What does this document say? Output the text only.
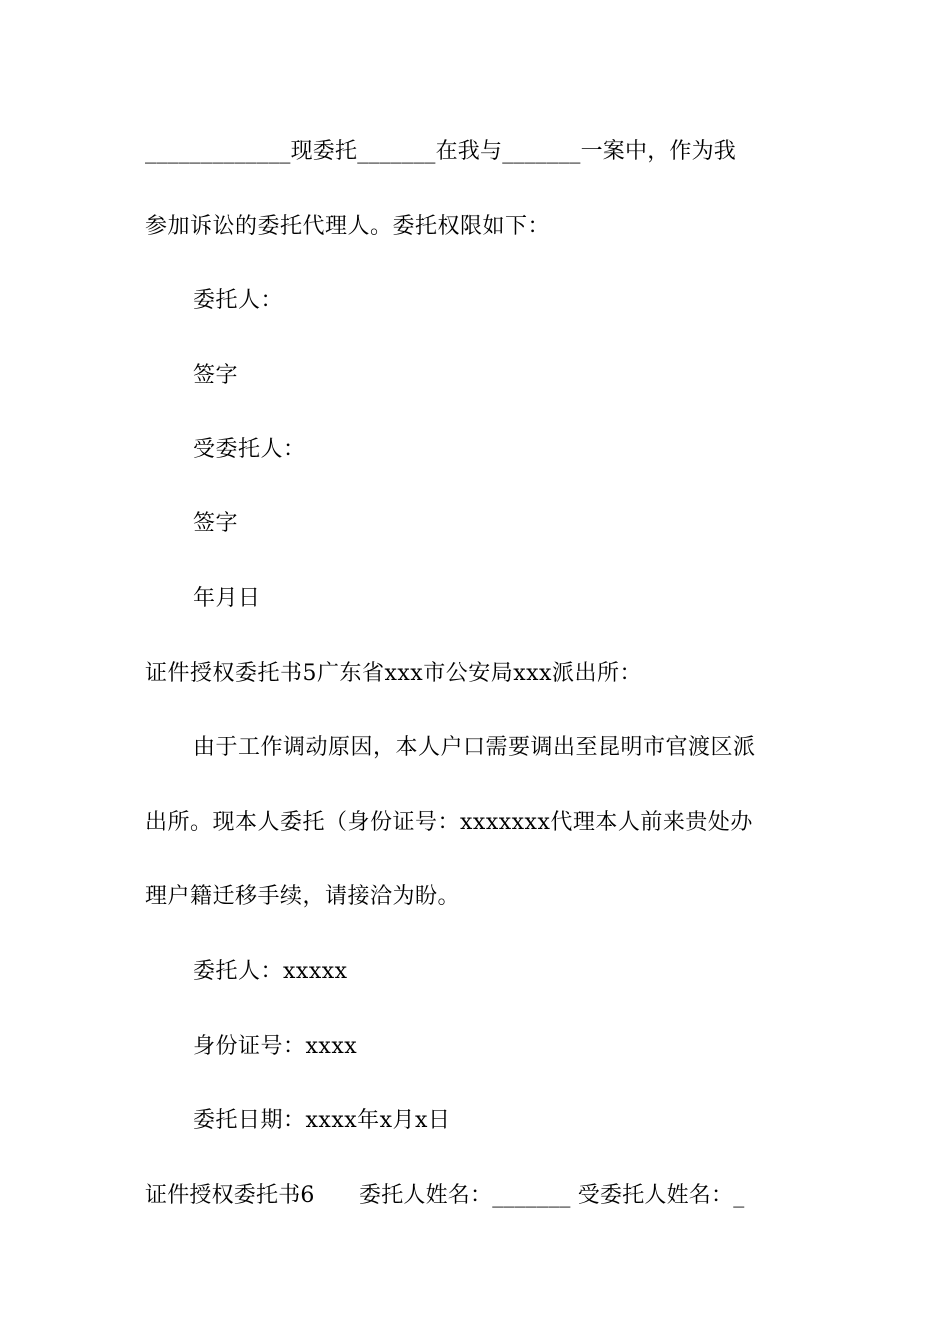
_____________现委托_______在我与_______一案中，作为我
参加诉讼的委托代理人。委托权限如下：
委托人：
签字
受委托人：
签字
年月日
证件授权委托书5广东省xxx市公安局xxx派出所：
由于工作调动原因，本人户口需要调出至昆明市官渡区派
出所。现本人委托（身份证号：xxxxxxx代理本人前来贵处办
理户籍迁移手续，请接洽为盼。
委托人：xxxxx
身份证号：xxxx
委托日期：xxxx年x月x日
证件授权委托书6　　委托人姓名：_______ 受委托人姓名：_
